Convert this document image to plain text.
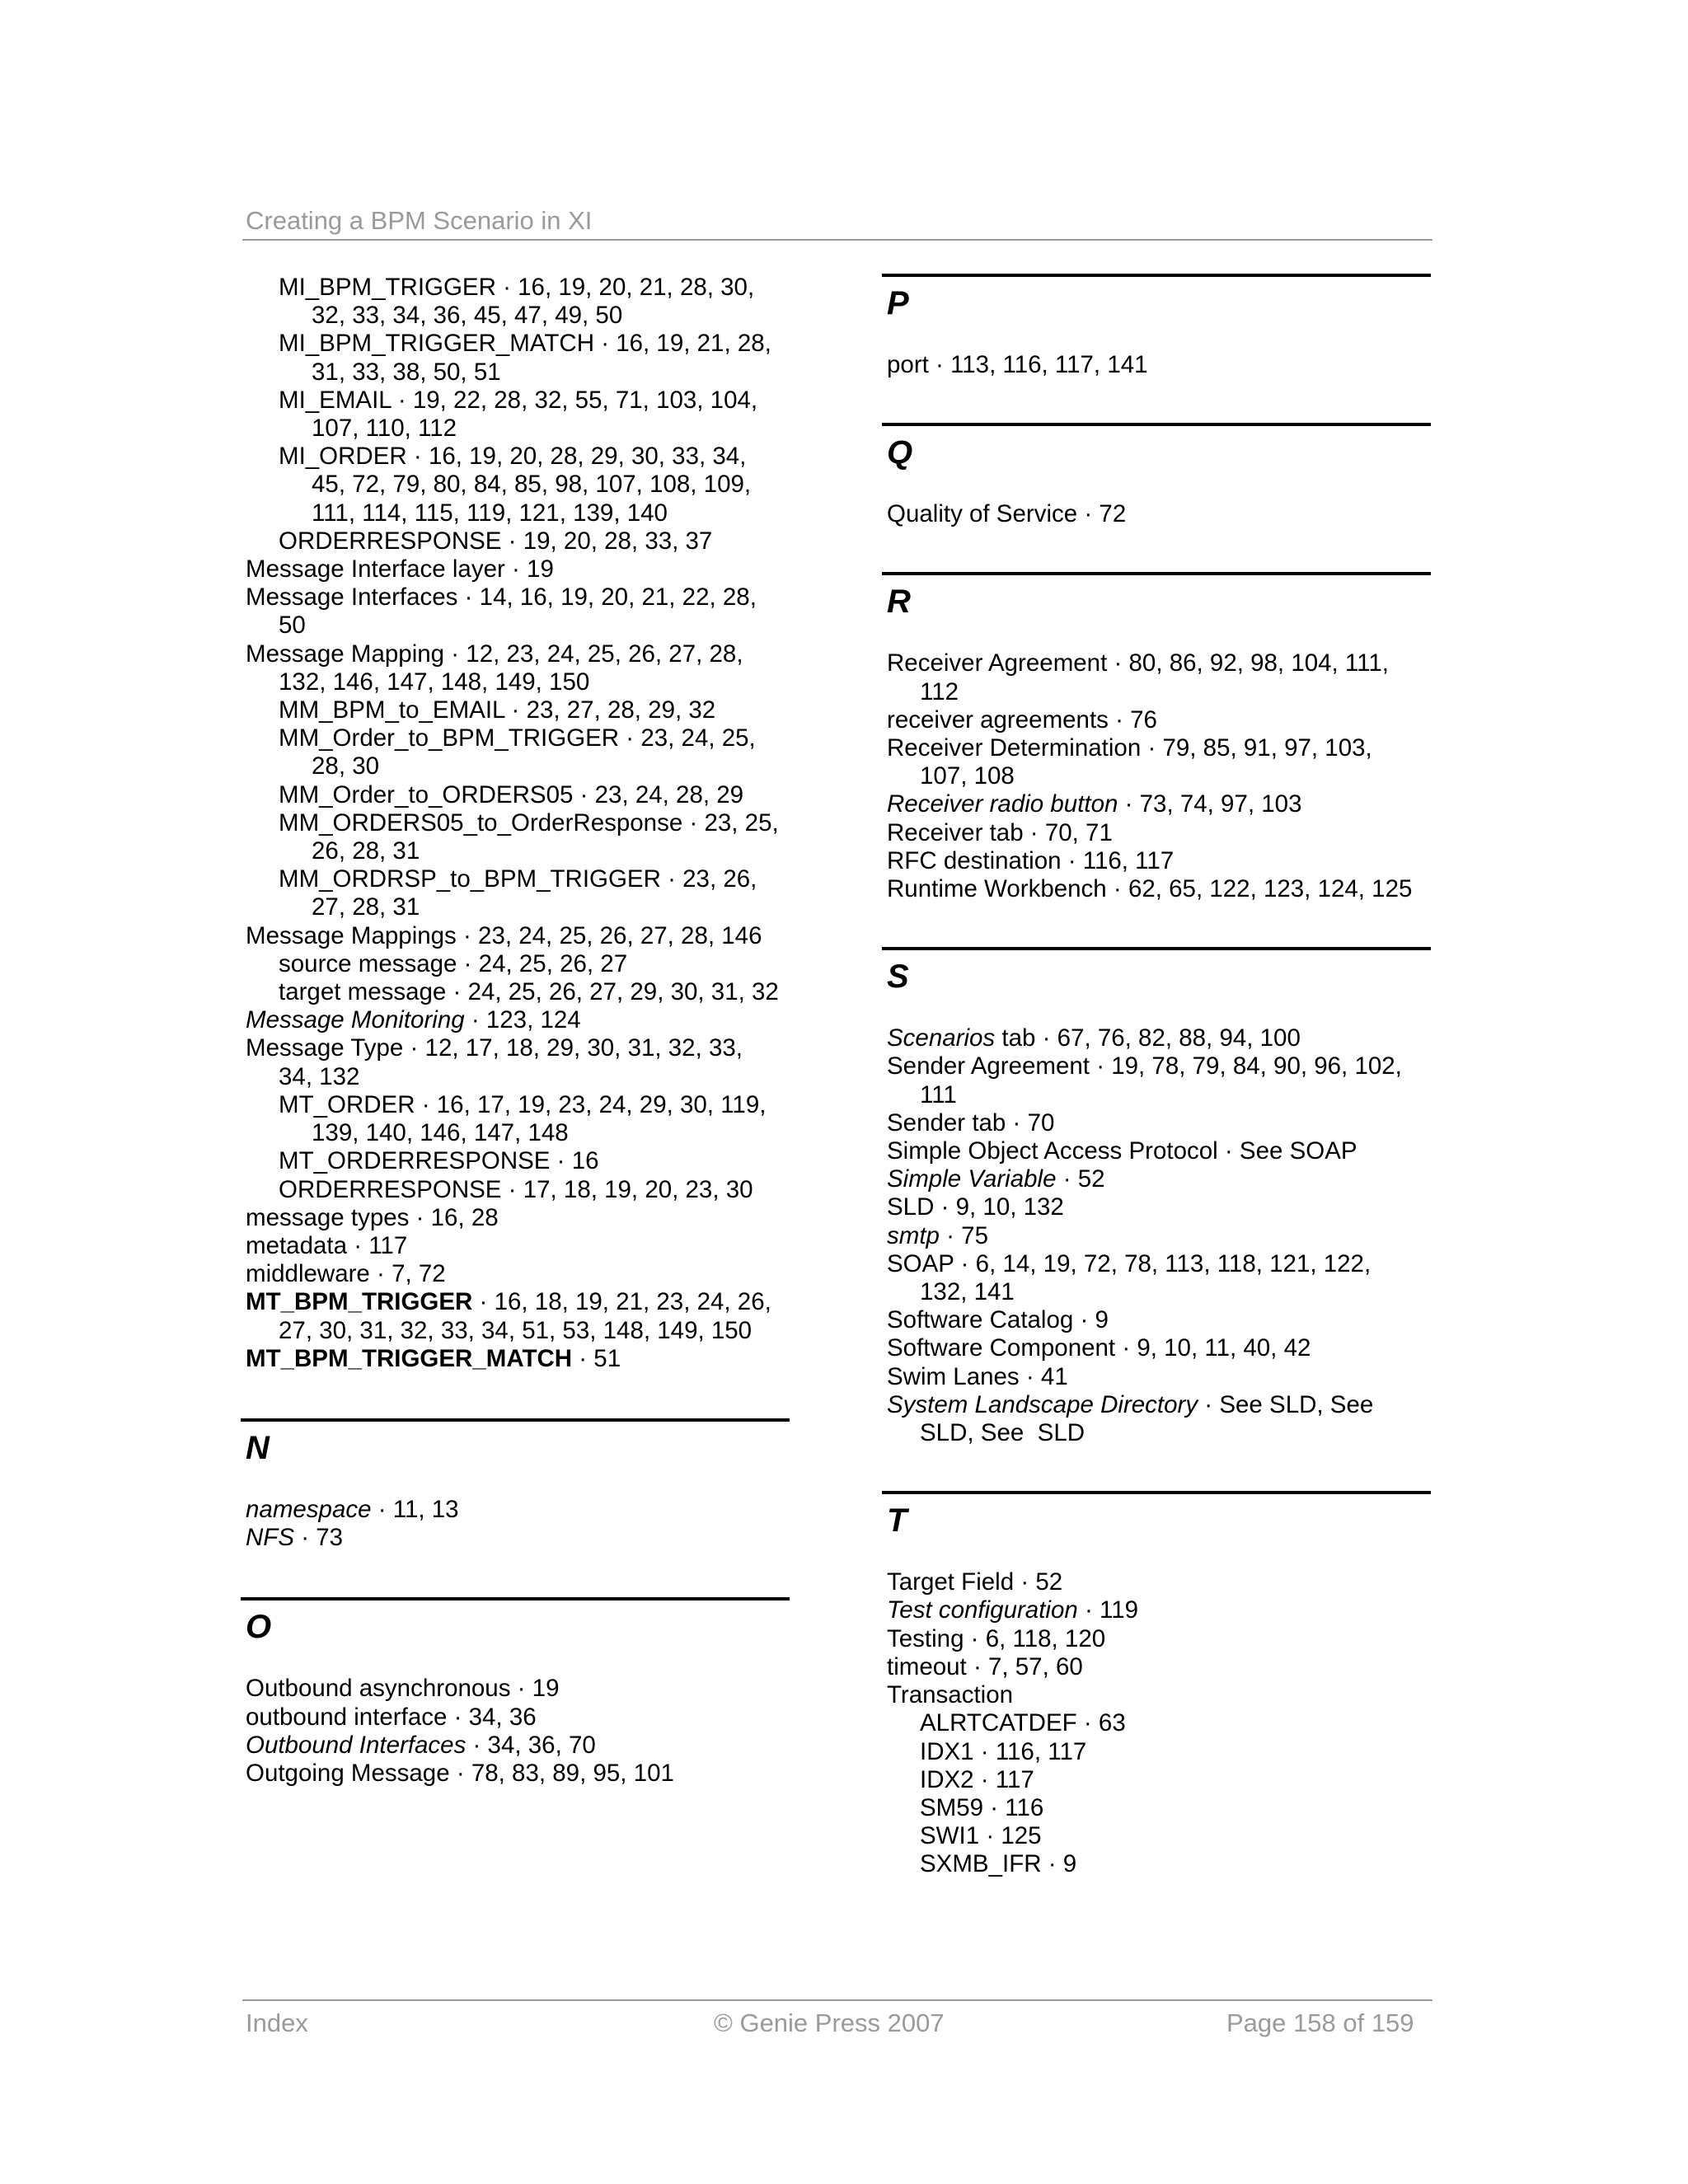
Creating a BPM Scenario in XI
MI_BPM_TRIGGER · 16, 19, 20, 21, 28, 30,
32, 33, 34, 36, 45, 47, 49, 50
MI_BPM_TRIGGER_MATCH · 16, 19, 21, 28,
31, 33, 38, 50, 51
MI_EMAIL · 19, 22, 28, 32, 55, 71, 103, 104,
107, 110, 112
MI_ORDER · 16, 19, 20, 28, 29, 30, 33, 34,
45, 72, 79, 80, 84, 85, 98, 107, 108, 109,
111, 114, 115, 119, 121, 139, 140
ORDERRESPONSE · 19, 20, 28, 33, 37
Message Interface layer · 19
Message Interfaces · 14, 16, 19, 20, 21, 22, 28,
50
Message Mapping · 12, 23, 24, 25, 26, 27, 28,
132, 146, 147, 148, 149, 150
MM_BPM_to_EMAIL · 23, 27, 28, 29, 32
MM_Order_to_BPM_TRIGGER · 23, 24, 25,
28, 30
MM_Order_to_ORDERS05 · 23, 24, 28, 29
MM_ORDERS05_to_OrderResponse · 23, 25,
26, 28, 31
MM_ORDRSP_to_BPM_TRIGGER · 23, 26,
27, 28, 31
Message Mappings · 23, 24, 25, 26, 27, 28, 146
source message · 24, 25, 26, 27
target message · 24, 25, 26, 27, 29, 30, 31, 32
Message Monitoring · 123, 124
Message Type · 12, 17, 18, 29, 30, 31, 32, 33,
34, 132
MT_ORDER · 16, 17, 19, 23, 24, 29, 30, 119,
139, 140, 146, 147, 148
MT_ORDERRESPONSE · 16
ORDERRESPONSE · 17, 18, 19, 20, 23, 30
message types · 16, 28
metadata · 117
middleware · 7, 72
MT_BPM_TRIGGER · 16, 18, 19, 21, 23, 24, 26,
27, 30, 31, 32, 33, 34, 51, 53, 148, 149, 150
MT_BPM_TRIGGER_MATCH · 51
N
namespace · 11, 13
NFS · 73
O
Outbound asynchronous · 19
outbound interface · 34, 36
Outbound Interfaces · 34, 36, 70
Outgoing Message · 78, 83, 89, 95, 101
P
port · 113, 116, 117, 141
Q
Quality of Service · 72
R
Receiver Agreement · 80, 86, 92, 98, 104, 111,
112
receiver agreements · 76
Receiver Determination · 79, 85, 91, 97, 103,
107, 108
Receiver radio button · 73, 74, 97, 103
Receiver tab · 70, 71
RFC destination · 116, 117
Runtime Workbench · 62, 65, 122, 123, 124, 125
S
Scenarios tab · 67, 76, 82, 88, 94, 100
Sender Agreement · 19, 78, 79, 84, 90, 96, 102,
111
Sender tab · 70
Simple Object Access Protocol · See SOAP
Simple Variable · 52
SLD · 9, 10, 132
smtp · 75
SOAP · 6, 14, 19, 72, 78, 113, 118, 121, 122,
132, 141
Software Catalog · 9
Software Component · 9, 10, 11, 40, 42
Swim Lanes · 41
System Landscape Directory · See SLD, See
SLD, See  SLD
T
Target Field · 52
Test configuration · 119
Testing · 6, 118, 120
timeout · 7, 57, 60
Transaction
ALRTCATDEF · 63
IDX1 · 116, 117
IDX2 · 117
SM59 · 116
SWI1 · 125
SXMB_IFR · 9
Index	© Genie Press 2007	Page 158 of 159
